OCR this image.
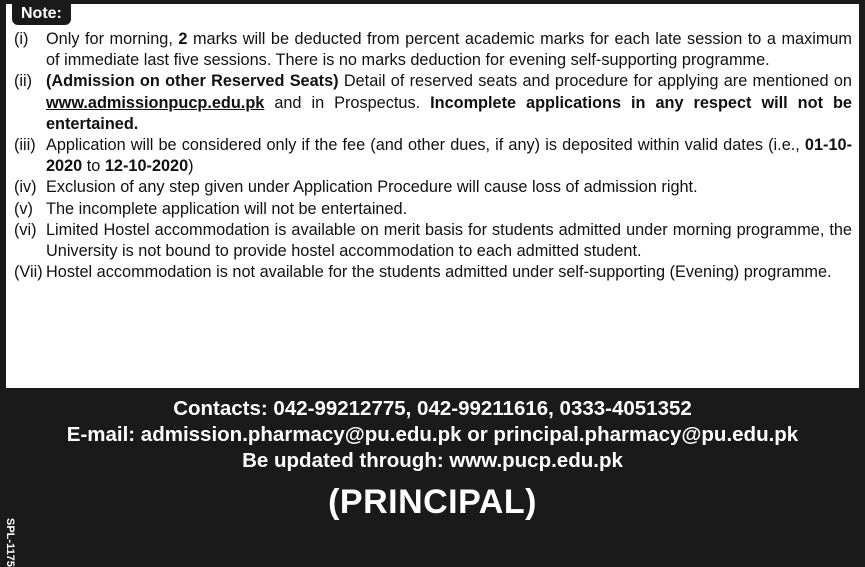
Note:
(i)	Only for morning, 2 marks will be deducted from percent academic marks for each late session to a maximum of immediate last five sessions. There is no marks deduction for evening self-supporting programme.
(ii) (Admission on other Reserved Seats) Detail of reserved seats and procedure for applying are mentioned on www.admissionpucp.edu.pk and in Prospectus. Incomplete applications in any respect will not be entertained.
(iii) Application will be considered only if the fee (and other dues, if any) is deposited within valid dates (i.e., 01-10-2020 to 12-10-2020)
(iv) Exclusion of any step given under Application Procedure will cause loss of admission right.
(v) The incomplete application will not be entertained.
(vi) Limited Hostel accommodation is available on merit basis for students admitted under morning programme, the University is not bound to provide hostel accommodation to each admitted student.
(Vii) Hostel accommodation is not available for the students admitted under self-supporting (Evening) programme.
Contacts: 042-99212775, 042-99211616, 0333-4051352
E-mail: admission.pharmacy@pu.edu.pk or principal.pharmacy@pu.edu.pk
Be updated through: www.pucp.edu.pk
(PRINCIPAL)
SPL-1175
